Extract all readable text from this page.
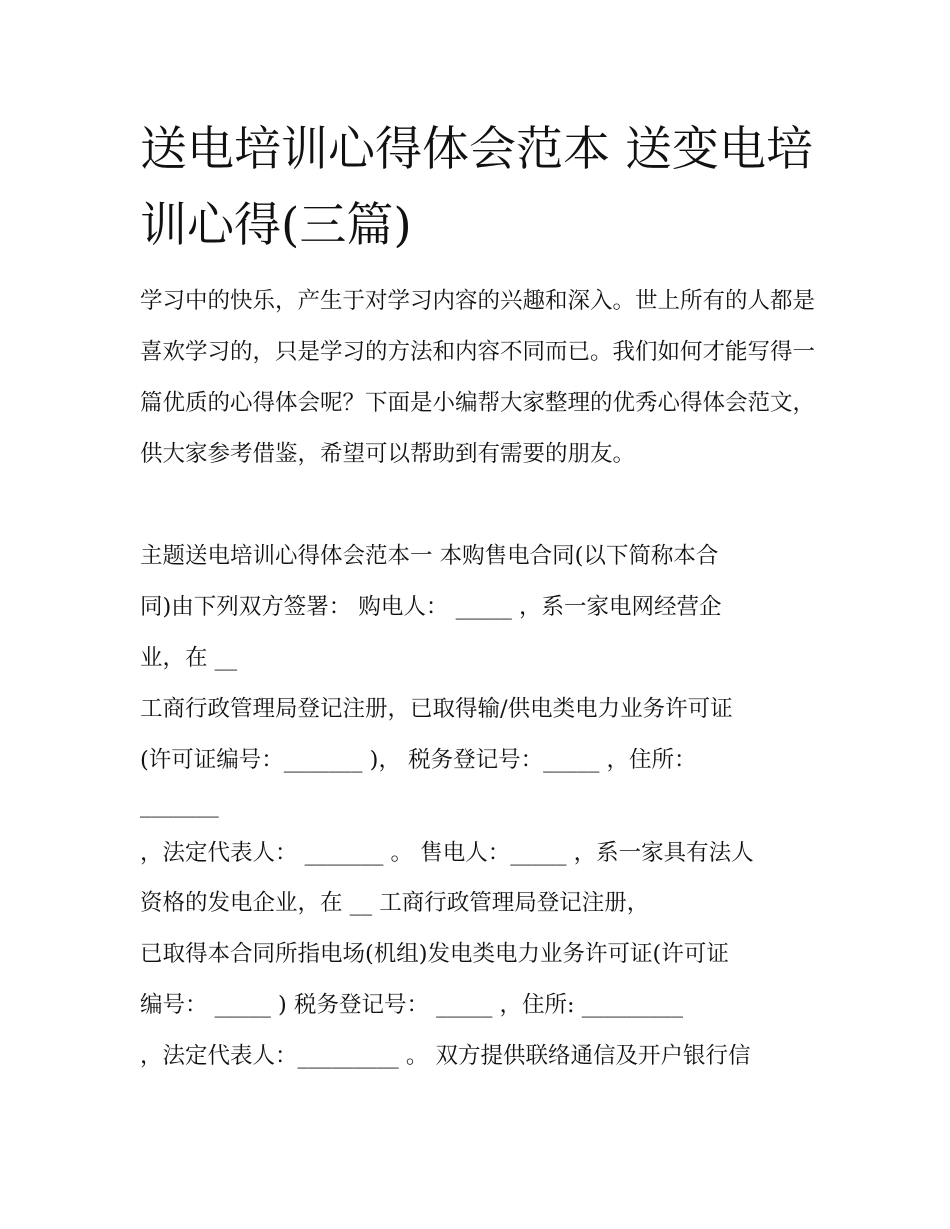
送电培训心得体会范本 送变电培训心得(三篇)

学习中的快乐，产生于对学习内容的兴趣和深入。世上所有的人都是喜欢学习的，只是学习的方法和内容不同而已。我们如何才能写得一篇优质的心得体会呢？下面是小编帮大家整理的优秀心得体会范文，供大家参考借鉴，希望可以帮助到有需要的朋友。

主题送电培训心得体会范本一 本购售电合同(以下简称本合

同)由下列双方签署： 购电人： _____ ，系一家电网经营企

业，在 __

工商行政管理局登记注册，已取得输/供电类电力业务许可证

(许可证编号：_______ )， 税务登记号：_____ ，住所：

_______

，法定代表人： _______ 。 售电人：_____ ，系一家具有法人

资格的发电企业，在 __ 工商行政管理局登记注册，

已取得本合同所指电场(机组)发电类电力业务许可证(许可证

编号： _____ ) 税务登记号： _____ ，住所: _________

，法定代表人：_________ 。 双方提供联络通信及开户银行信
